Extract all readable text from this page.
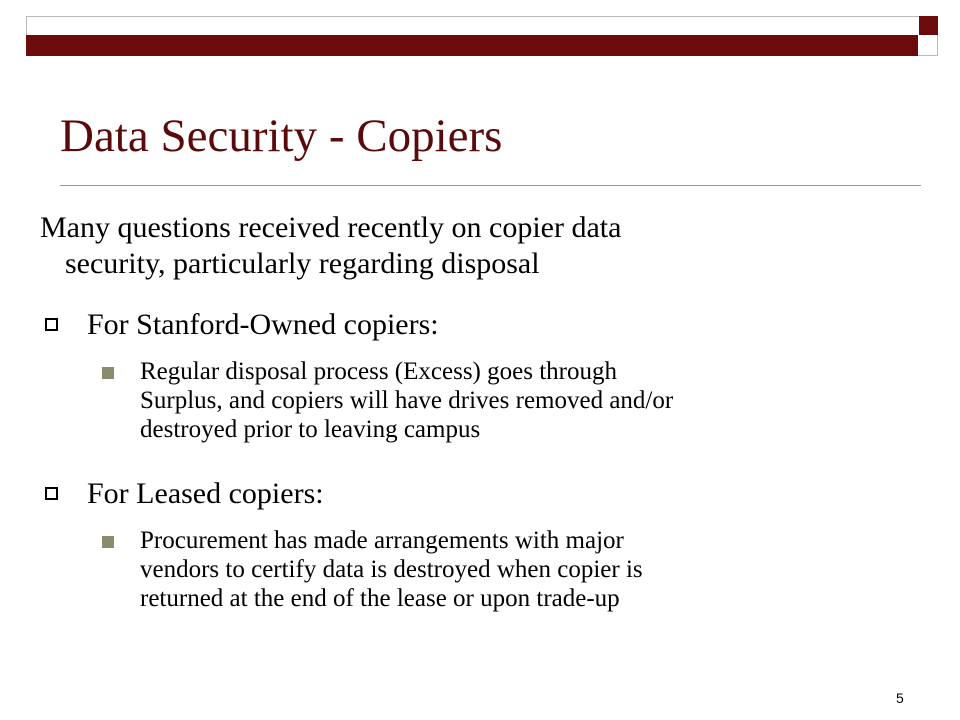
Data Security - Copiers
Many questions received recently on copier data
security, particularly regarding disposal
For Stanford-Owned copiers:
Regular disposal process (Excess) goes through
Surplus, and copiers will have drives removed and/or
destroyed prior to leaving campus
For Leased copiers:
Procurement has made arrangements with major
vendors to certify data is destroyed when copier is
returned at the end of the lease or upon trade-up
5
